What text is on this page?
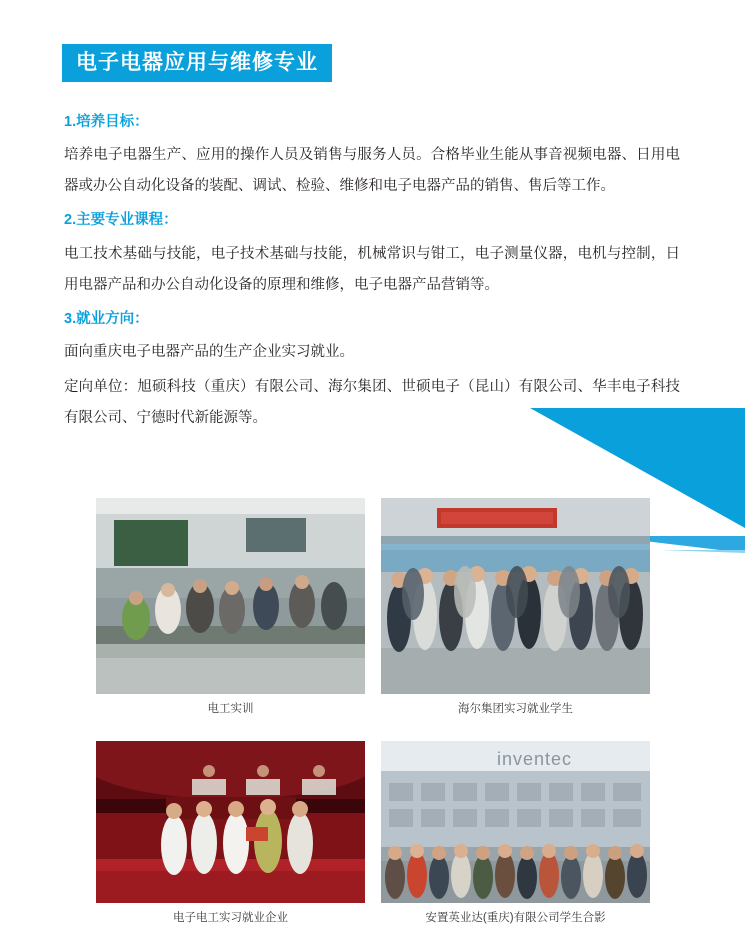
电子电器应用与维修专业
1.培养目标：

培养电子电器生产、应用的操作人员及销售与服务人员。合格毕业生能从事音视频电器、日用电器或办公自动化设备的装配、调试、检验、维修和电子电器产品的销售、售后等工作。

2.主要专业课程：

电工技术基础与技能，电子技术基础与技能，机械常识与钳工，电子测量仪器，电机与控制，日用电器产品和办公自动化设备的原理和维修，电子电器产品营销等。

3.就业方向：

面向重庆电子电器产品的生产企业实习就业。

定向单位：旭硕科技（重庆）有限公司、海尔集团、世硕电子（昆山）有限公司、华丰电子科技有限公司、宁德时代新能源等。

电工实训	海尔集团实习就业学生
电子电工实习就业企业
inventec
安置英业达(重庆)有限公司学生合影
